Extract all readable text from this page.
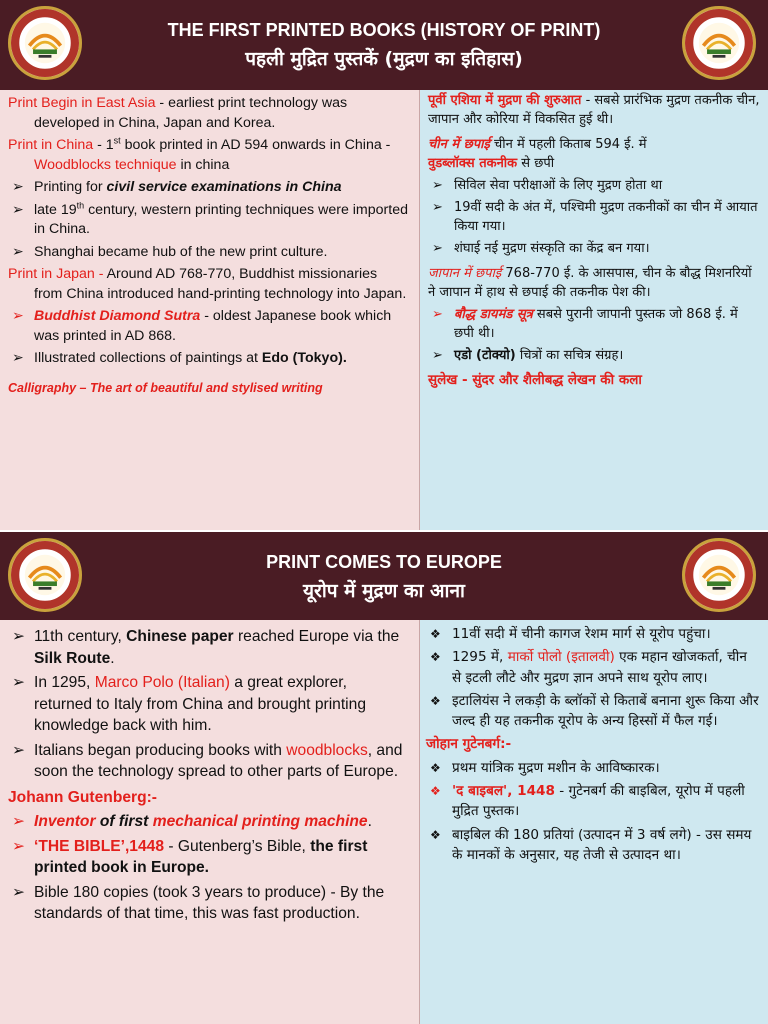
THE FIRST PRINTED BOOKS (HISTORY OF PRINT)
पहली मुद्रित पुस्तकें (मुद्रण का इतिहास)
Print Begin in East Asia - earliest print technology was developed in China, Japan and Korea.
Print in China - 1st book printed in AD 594 onwards in China - Woodblocks technique in china
➢ Printing for civil service examinations in China
➢ late 19th century, western printing techniques were imported in China.
➢ Shanghai became hub of the new print culture.
Print in Japan - Around AD 768-770, Buddhist missionaries from China introduced hand-printing technology into Japan.
➢ Buddhist Diamond Sutra - oldest Japanese book which was printed in AD 868.
➢ Illustrated collections of paintings at Edo (Tokyo).
Calligraphy – The art of beautiful and stylised writing
पूर्वी एशिया में मुद्रण की शुरुआत - सबसे प्रारंभिक मुद्रण तकनीक चीन, जापान और कोरिया में विकसित हुई थी।
चीन में छपाई चीन में पहली किताब 594 ई. में
वुडब्लॉक्स तकनीक से छपी
➢ सिविल सेवा परीक्षाओं के लिए मुद्रण होता था
➢ 19वीं सदी के अंत में, पश्चिमी मुद्रण तकनीकों का चीन में आयात किया गया।
➢ शंघाई नई मुद्रण संस्कृति का केंद्र बन गया।
जापान में छपाई 768-770 ई. के आसपास, चीन के बौद्ध मिशनरियों ने जापान में हाथ से छपाई की तकनीक पेश की।
➢ बौद्ध डायमंड सूत्र सबसे पुरानी जापानी पुस्तक जो 868 ई. में छपी थी।
➢ एडो (टोक्यो) चित्रों का सचित्र संग्रह।
सुलेख - सुंदर और शैलीबद्ध लेखन की कला
PRINT COMES TO EUROPE
यूरोप में मुद्रण का आना
➢ 11th century, Chinese paper reached Europe via the Silk Route.
➢ In 1295, Marco Polo (Italian) a great explorer, returned to Italy from China and brought printing knowledge back with him.
➢ Italians began producing books with woodblocks, and soon the technology spread to other parts of Europe.
Johann Gutenberg:-
➢ Inventor of first mechanical printing machine.
➢ ‘THE BIBLE’,1448 - Gutenberg’s Bible, the first printed book in Europe.
➢ Bible 180 copies (took 3 years to produce) - By the standards of that time, this was fast production.
❖ 11वीं सदी में चीनी कागज रेशम मार्ग से यूरोप पहुंचा।
❖ 1295 में, मार्को पोलो (इतालवी) एक महान खोजकर्ता, चीन से इटली लौटे और मुद्रण ज्ञान अपने साथ यूरोप लाए।
❖ इटालियंस ने लकड़ी के ब्लॉकों से किताबें बनाना शुरू किया और जल्द ही यह तकनीक यूरोप के अन्य हिस्सों में फैल गई।
जोहान गुटेनबर्ग:-
❖ प्रथम यांत्रिक मुद्रण मशीन के आविष्कारक।
❖ 'द बाइबल', 1448 - गुटेनबर्ग की बाइबिल, यूरोप में पहली मुद्रित पुस्तक।
❖ बाइबिल की 180 प्रतियां (उत्पादन में 3 वर्ष लगे) - उस समय के मानकों के अनुसार, यह तेजी से उत्पादन था।
